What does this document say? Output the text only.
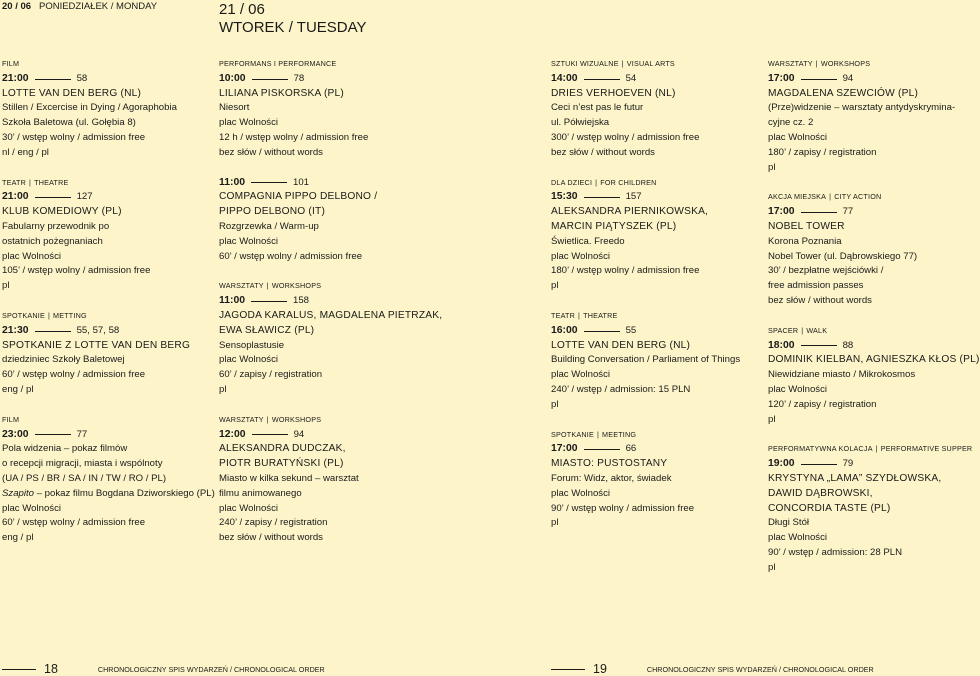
20 / 06 PONIEDZIAŁEK / MONDAY	21 / 06
WTOREK / TUESDAY
FILM
21:00	58
LOTTE VAN DEN BERG (NL)
Stillen / Excercise in Dying / Agoraphobia
Szkoła Baletowa (ul. Gołębia 8)
30’ / wstęp wolny / admission free
nl / eng / pl
TEATR | THEATRE
21:00	127
KLUB KOMEDIOWY (PL)
Fabularny przewodnik po
ostatnich pożegnaniach
plac Wolności
105’ / wstęp wolny / admission free
pl
SPOTKANIE | METTING
21:30	55, 57, 58
SPOTKANIE Z LOTTE VAN DEN BERG
dziedziniec Szkoły Baletowej
60’ / wstęp wolny / admission free
eng / pl
FILM
23:00	77
Pola widzenia – pokaz filmów
o recepcji migracji, miasta i wspólnoty
(UA / PS / BR / SA / IN / TW / RO / PL)
Szapito – pokaz filmu Bogdana Dziworskiego (PL)
plac Wolności
60’ / wstęp wolny / admission free
eng / pl
PERFORMANS I PERFORMANCE
10:00	78
LILIANA PISKORSKA (PL)
Niesort
plac Wolności
12 h / wstęp wolny / admission free
bez słów / without words
11:00	101
COMPAGNIA PIPPO DELBONO /
PIPPO DELBONO (IT)
Rozgrzewka / Warm-up
plac Wolności
60’ / wstęp wolny / admission free
WARSZTATY | WORKSHOPS
11:00	158
JAGODA KARALUS, MAGDALENA PIETRZAK,
EWA SŁAWICZ (PL)
Sensoplastusie
plac Wolności
60’ / zapisy / registration
pl
WARSZTATY | WORKSHOPS
12:00	94
ALEKSANDRA DUDCZAK,
PIOTR BURATYŃSKI (PL)
Miasto w kilka sekund – warsztat
filmu animowanego
plac Wolności
240’ / zapisy / registration
bez słów / without words
SZTUKI WIZUALNE | VISUAL ARTS
14:00	54
DRIES VERHOEVEN (NL)
Ceci n’est pas le futur
ul. Półwiejska
300’ / wstęp wolny / admission free
bez słów / without words
DLA DZIECI | FOR CHILDREN
15:30	157
ALEKSANDRA PIERNIKOWSKA,
MARCIN PIĄTYSZEK (PL)
Świetlica. Freedo
plac Wolności
180’ / wstęp wolny / admission free
pl
TEATR | THEATRE
16:00	55
LOTTE VAN DEN BERG (NL)
Building Conversation / Parliament of Things
plac Wolności
240’ / wstęp / admission: 15 PLN
pl
SPOTKANIE | MEETING
17:00	66
MIASTO: PUSTOSTANY
Forum: Widz, aktor, świadek
plac Wolności
90’ / wstęp wolny / admission free
pl
WARSZTATY | WORKSHOPS
17:00	94
MAGDALENA SZEWCIÓW (PL)
(Prze)widzenie – warsztaty antydyskrymina-
cyjne cz. 2
plac Wolności
180’ / zapisy / registration
pl
AKCJA MIEJSKA | CITY ACTION
17:00	77
NOBEL TOWER
Korona Poznania
Nobel Tower (ul. Dąbrowskiego 77)
30’ / bezpłatne wejściówki /
free admission passes
bez słów / without words
SPACER | WALK
18:00	88
DOMINIK KIELBAN, AGNIESZKA KŁOS (PL)
Niewidziane miasto / Mikrokosmos
plac Wolności
120’ / zapisy / registration
pl
PERFORMATYWNA KOLACJA | PERFORMATIVE SUPPER
19:00	79
KRYSTYNA „LAMA” SZYDŁOWSKA,
DAWID DĄBROWSKI,
CONCORDIA TASTE (PL)
Długi Stół
plac Wolności
90’ / wstęp / admission: 28 PLN
pl
18	CHRONOLOGICZNY SPIS WYDARZEŃ / CHRONOLOGICAL ORDER	19	CHRONOLOGICZNY SPIS WYDARZEŃ / CHRONOLOGICAL ORDER
